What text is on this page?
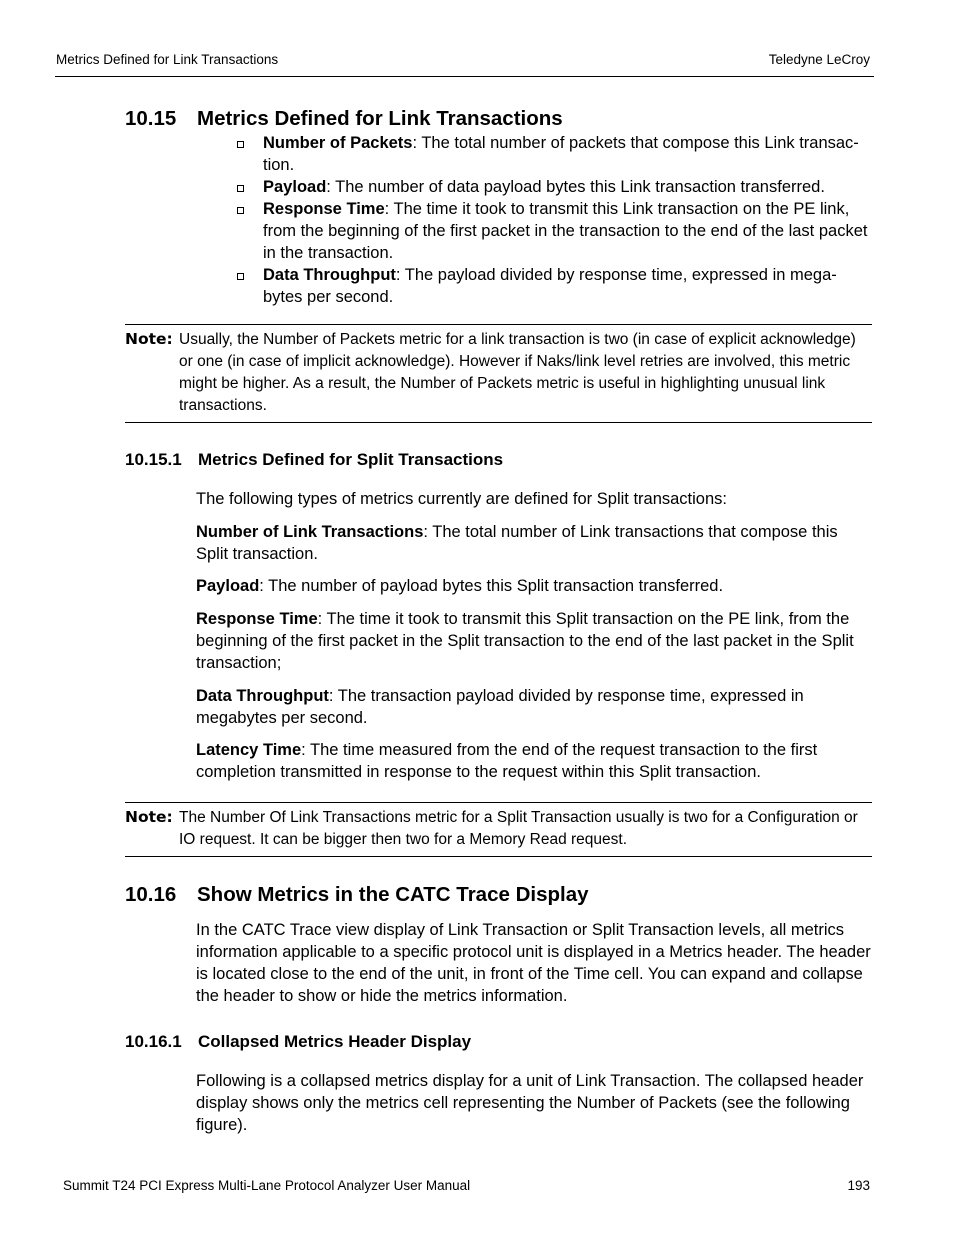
Metrics Defined for Link Transactions	Teledyne LeCroy
10.15 Metrics Defined for Link Transactions
Number of Packets: The total number of packets that compose this Link transac-tion.
Payload: The number of data payload bytes this Link transaction transferred.
Response Time: The time it took to transmit this Link transaction on the PE link, from the beginning of the first packet in the transaction to the end of the last packet in the transaction.
Data Throughput: The payload divided by response time, expressed in mega-bytes per second.
Note: Usually, the Number of Packets metric for a link transaction is two (in case of explicit acknowledge) or one (in case of implicit acknowledge). However if Naks/link level retries are involved, this metric might be higher. As a result, the Number of Packets metric is useful in highlighting unusual link transactions.
10.15.1 Metrics Defined for Split Transactions

The following types of metrics currently are defined for Split transactions:

Number of Link Transactions: The total number of Link transactions that compose this Split transaction.

Payload: The number of payload bytes this Split transaction transferred.

Response Time: The time it took to transmit this Split transaction on the PE link, from the beginning of the first packet in the Split transaction to the end of the last packet in the Split transaction;

Data Throughput: The transaction payload divided by response time, expressed in megabytes per second.

Latency Time: The time measured from the end of the request transaction to the first completion transmitted in response to the request within this Split transaction.

Note: The Number Of Link Transactions metric for a Split Transaction usually is two for a Configuration or IO request. It can be bigger then two for a Memory Read request.
10.16 Show Metrics in the CATC Trace Display

In the CATC Trace view display of Link Transaction or Split Transaction levels, all metrics information applicable to a specific protocol unit is displayed in a Metrics header. The header is located close to the end of the unit, in front of the Time cell. You can expand and collapse the header to show or hide the metrics information.

10.16.1 Collapsed Metrics Header Display

Following is a collapsed metrics display for a unit of Link Transaction. The collapsed header display shows only the metrics cell representing the Number of Packets (see the following figure).

Summit T24 PCI Express Multi-Lane Protocol Analyzer User Manual	193
